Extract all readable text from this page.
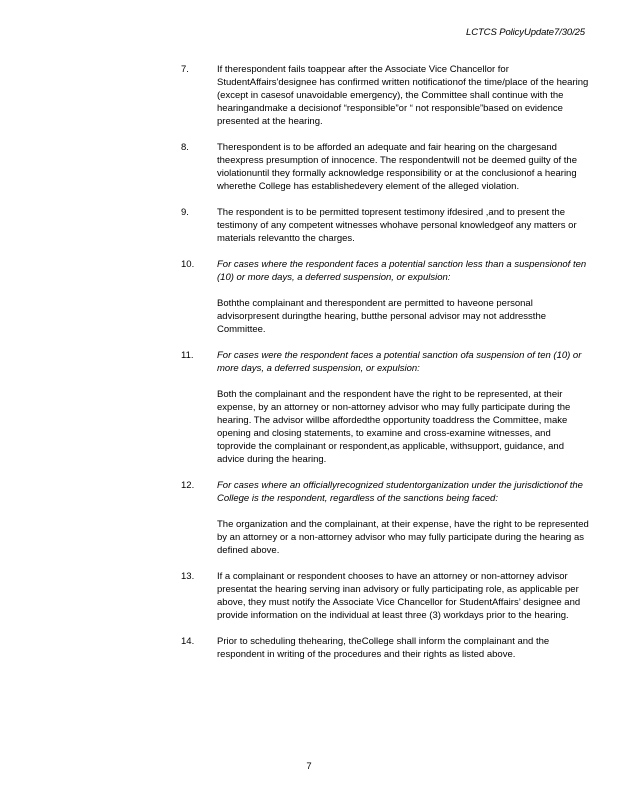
LCTCS PolicyUpdate7/30/25
7.	If therespondent fails toappear after the Associate Vice Chancellor for StudentAffairs'designee has confirmed written notificationof the time/place of the hearing (except in casesof unavoidable emergency), the Committee shall continue with the hearingandmake a decisionof “responsible”or “ not responsible”based on evidence presented at the hearing.

8.	Therespondent is to be afforded an adequate and fair hearing on the chargesand theexpress presumption of innocence. The respondentwill not be deemed guilty of the violationuntil they formally acknowledge responsibility or at the conclusionof a hearing wherethe College has establishedevery element of the alleged violation.

9.	The respondent is to be permitted topresent testimony ifdesired ,and to present the testimony of any competent witnesses whohave personal knowledgeof any matters or materials relevantto the charges.

10. For cases where the respondent faces a potential sanction less than a suspensionof ten (10) or more days, a deferred suspension, or expulsion:

Boththe complainant and therespondent are permitted to haveone personal advisorpresent duringthe hearing, butthe personal advisor may not addressthe Committee.

11. For cases were the respondent faces a potential sanction ofa suspension of ten (10) or more days, a deferred suspension, or expulsion:

Both the complainant and the respondent have the right to be represented, at their expense, by an attorney or non-attorney advisor who may fully participate during the hearing. The advisor willbe affordedthe opportunity toaddress the Committee, make opening and closing statements, to examine and cross-examine witnesses, and toprovide the complainant or respondent,as applicable, withsupport, guidance, and advice during the hearing.

12. For cases where an officiallyrecognized studentorganization under the jurisdictionof the College is the respondent, regardless of the sanctions being faced:

The organization and the complainant, at their expense, have the right to be represented by an attorney or a non-attorney advisor who may fully participate during the hearing as defined above.

13. If a complainant or respondent chooses to have an attorney or non-attorney advisor presentat the hearing serving inan advisory or fully participating role, as applicable per above, they must notify the Associate Vice Chancellor for StudentAffairs’ designee and provide information on the individual at least three (3) workdays prior to the hearing.

14. Prior to scheduling thehearing, theCollege shall inform the complainant and the respondent in writing of the procedures and their rights as listed above.

7
